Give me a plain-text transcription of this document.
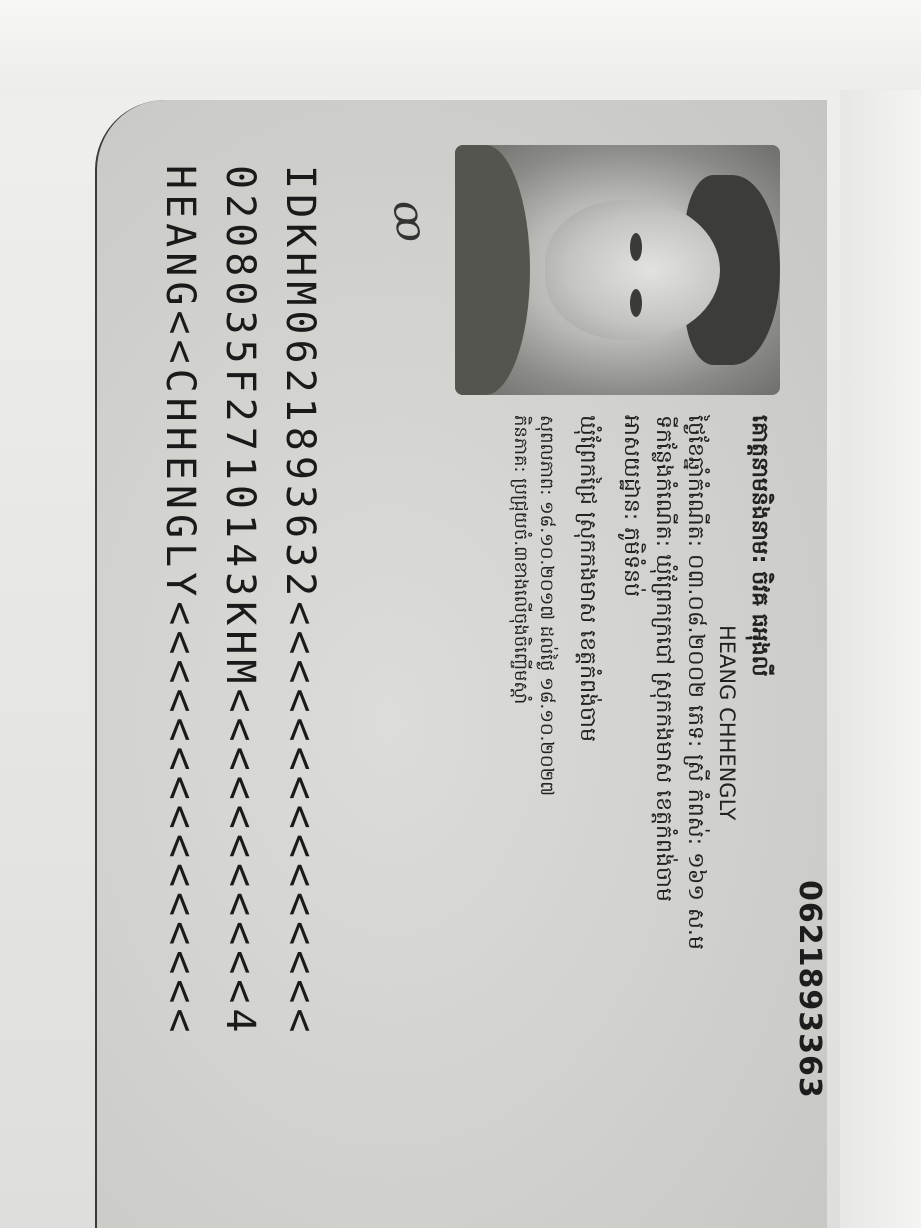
0621893363
ꝏ
គោត្តនាមនិងនាម: ចិវឝ ធអុងលី
HEANG CHHENGLY
ថ្ងៃខែឆ្នាំកំណើត: ០៣.០៨.២០០២ ភេទ: ស្រី កំពស់: ១៦១ ស.ម
ទីកន្លែងកំណើត: ឃុំព្រែកក្របៅ ស្រុកកងមាស ខេត្តកំពង់ចាម
អាសយដ្ឋាន: ភូមិទំនប់
ឃុំព្រែកជ្រៃ ស្រុកកងមាស ខេត្តកំពង់ចាម
សុពលភាព: ១៨.១០.២០១៧ ដល់ថ្ងៃ ១៨.១០.២០២៧
ភិនភាគ: ប្រជ្រុយចំ.៣ខាងលើចុងចិញ្ចើមស្តាំ
IDKHM0621893632<<<<<<<<<<<<<<<
0208035F2710143KHM<<<<<<<<<<<4
HEANG<<CHHENGLY<<<<<<<<<<<<<<<
